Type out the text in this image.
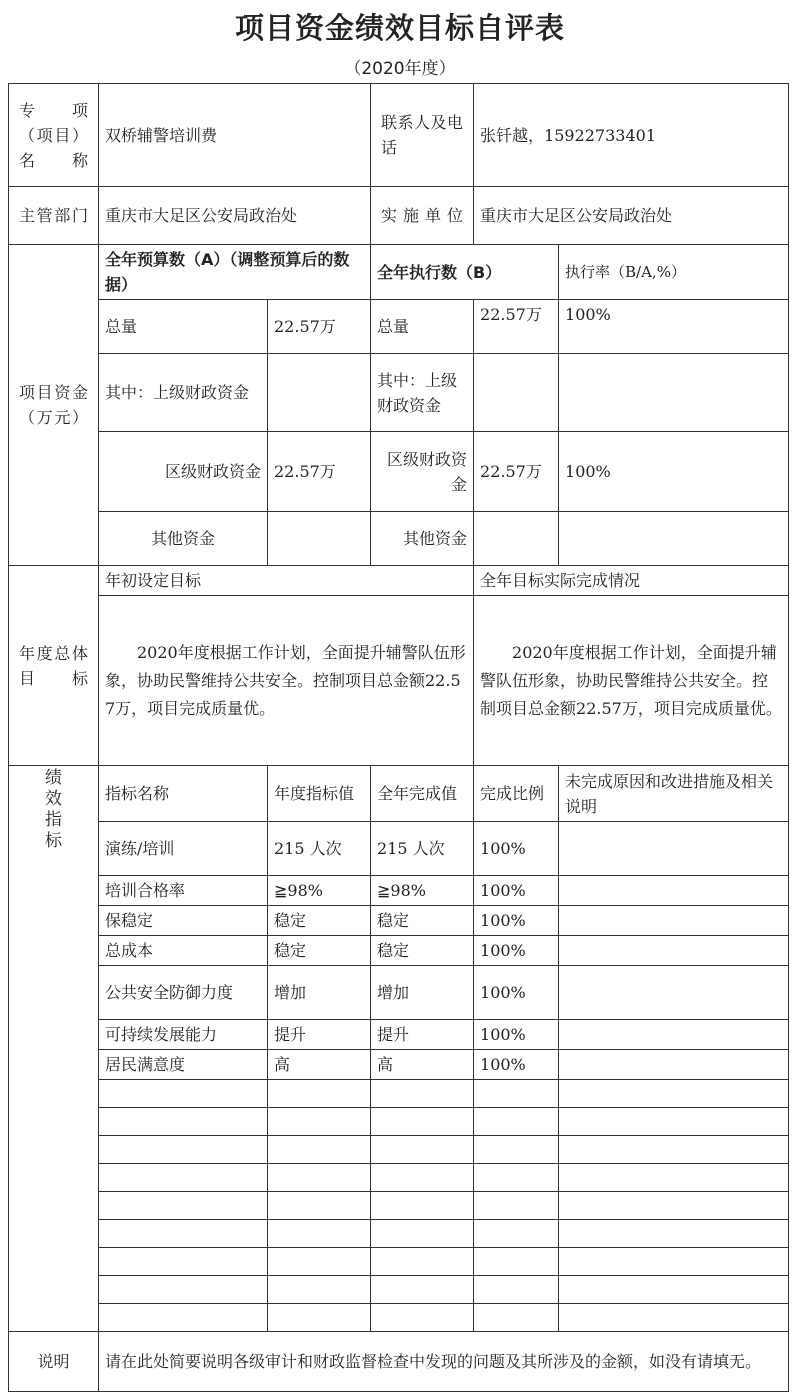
项目资金绩效目标自评表
（2020年度）
专 项（项目）名称	双桥辅警培训费		联系人及电话	张钎越，15922733401	
主管部门	重庆市大足区公安局政治处		实施单位	重庆市大足区公安局政治处	
项目资金（万元）	全年预算数（A）（调整预算后的数据）		全年执行数（B）		执行率（B/A,%）
	总量	22.57万	总量	22.57万	100%
	其中：上级财政资金		其中：上级财政资金		
	区级财政资金	22.57万	区级财政资金	22.57万	100%
	其他资金		其他资金		
年度总体目标	年初设定目标			全年目标实际完成情况	
	2020年度根据工作计划，全面提升辅警队伍形象，协助民警维持公共安全。控制项目总金额22.57万，项目完成质量优。			2020年度根据工作计划，全面提升辅警队伍形象，协助民警维持公共安全。控制项目总金额22.57万，项目完成质量优。	

绩效指标	指标名称	年度指标值	全年完成值	完成比例	未完成原因和改进措施及相关说明
	演练/培训	215 人次	215 人次	100%	
	培训合格率	≧98%	≧98%	100%	
	保稳定	稳定	稳定	100%	
	总成本	稳定	稳定	100%	
	公共安全防御力度	增加	增加	100%	
	可持续发展能力	提升	提升	100%	
	居民满意度	高	高	100%	

说明	请在此处简要说明各级审计和财政监督检查中发现的问题及其所涉及的金额，如没有请填无。				
